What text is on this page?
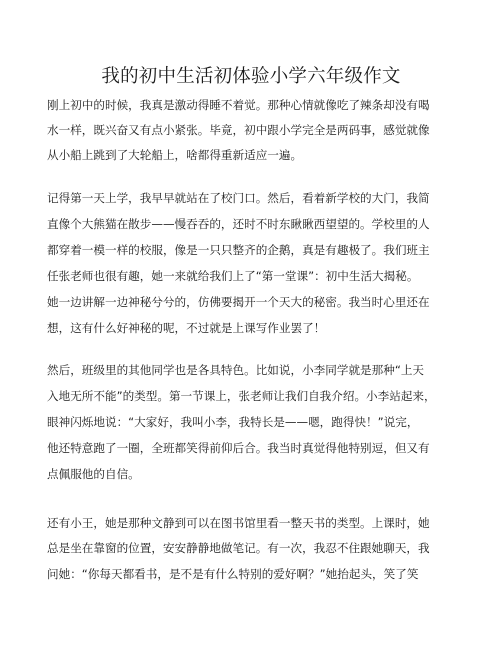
我的初中生活初体验小学六年级作文

刚上初中的时候，我真是激动得睡不着觉。那种心情就像吃了辣条却没有喝

水一样，既兴奋又有点小紧张。毕竟，初中跟小学完全是两码事，感觉就像

从小船上跳到了大轮船上，啥都得重新适应一遍。

记得第一天上学，我早早就站在了校门口。然后，看着新学校的大门，我简

直像个大熊猫在散步——慢吞吞的，还时不时东瞅瞅西望望的。学校里的人

都穿着一模一样的校服，像是一只只整齐的企鹅，真是有趣极了。我们班主

任张老师也很有趣，她一来就给我们上了“第一堂课”：初中生活大揭秘。

她一边讲解一边神秘兮兮的，仿佛要揭开一个天大的秘密。我当时心里还在

想，这有什么好神秘的呢，不过就是上课写作业罢了！

然后，班级里的其他同学也是各具特色。比如说，小李同学就是那种“上天

入地无所不能”的类型。第一节课上，张老师让我们自我介绍。小李站起来，

眼神闪烁地说：“大家好，我叫小李，我特长是——嗯，跑得快！”说完，

他还特意跑了一圈，全班都笑得前仰后合。我当时真觉得他特别逗，但又有

点佩服他的自信。

还有小王，她是那种文静到可以在图书馆里看一整天书的类型。上课时，她

总是坐在靠窗的位置，安安静静地做笔记。有一次，我忍不住跟她聊天，我

问她：“你每天都看书，是不是有什么特别的爱好啊？”她抬起头，笑了笑
